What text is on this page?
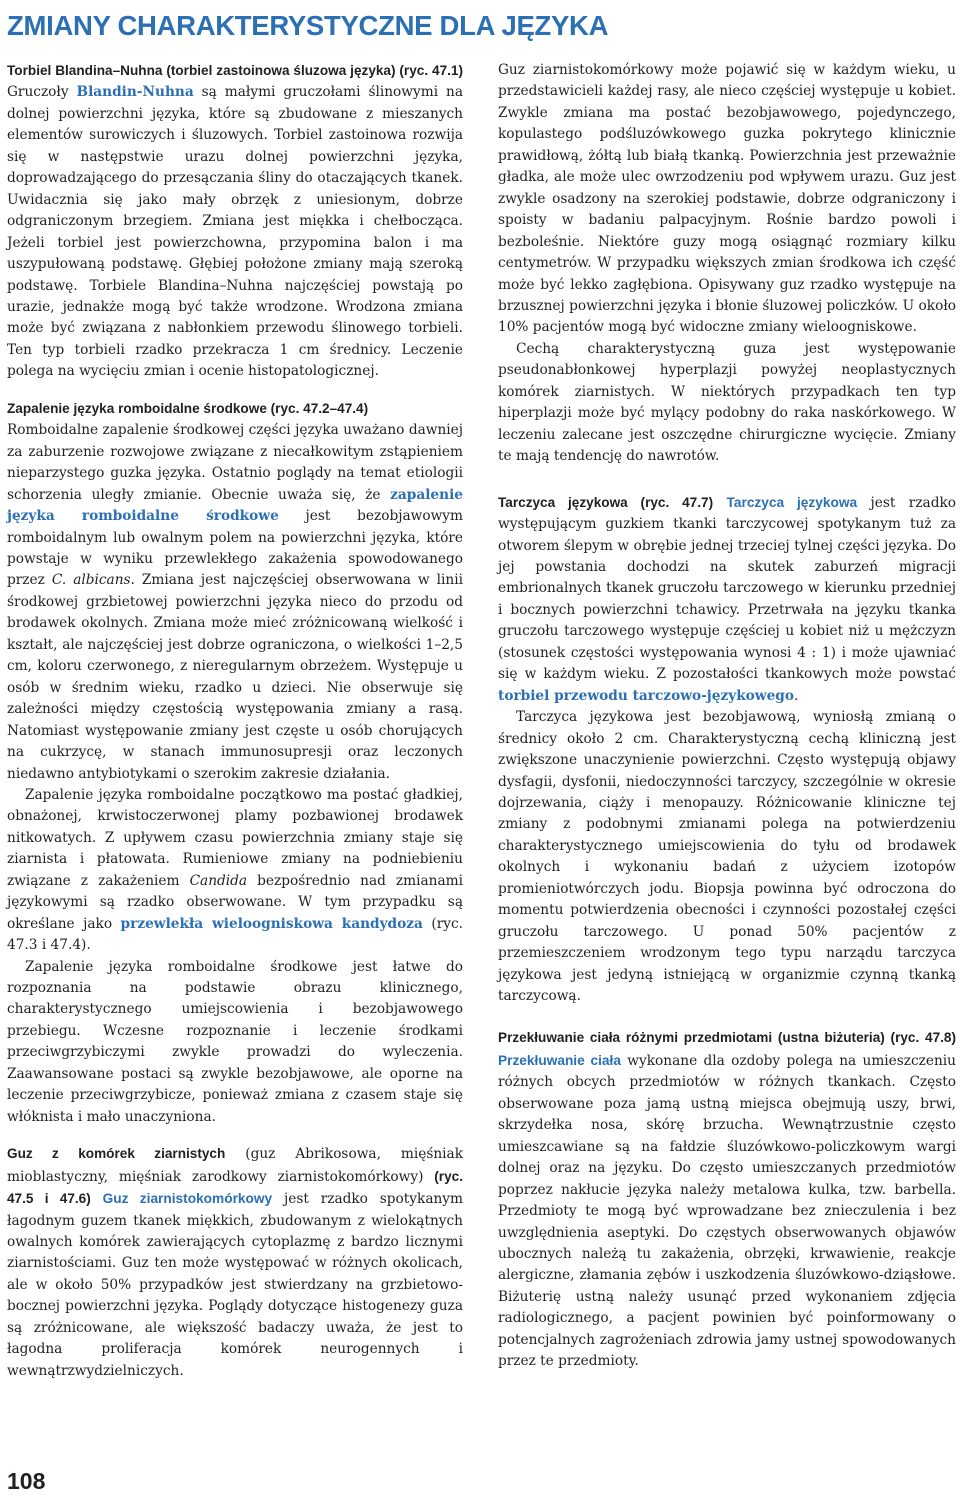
ZMIANY CHARAKTERYSTYCZNE DLA JĘZYKA

Torbiel Blandina–Nuhna (torbiel zastoinowa śluzowa języka) (ryc. 47.1) Gruczoły Blandin-Nuhna są małymi gruczołami ślinowymi na dolnej powierzchni języka, które są zbudowane z mieszanych elementów surowiczych i śluzowych. Torbiel zastoinowa rozwija się w następstwie urazu dolnej powierzchni języka, doprowadzającego do przesączania śliny do otaczających tkanek. Uwidacznia się jako mały obrzęk z uniesionym, dobrze odgraniczonym brzegiem. Zmiana jest miękka i chełbocząca. Jeżeli torbiel jest powierzchowna, przypomina balon i ma uszypułowaną podstawę. Głębiej położone zmiany mają szeroką podstawę. Torbiele Blandina–Nuhna najczęściej powstają po urazie, jednakże mogą być także wrodzone. Wrodzona zmiana może być związana z nabłonkiem przewodu ślinowego torbieli. Ten typ torbieli rzadko przekracza 1 cm średnicy. Leczenie polega na wycięciu zmian i ocenie histopatologicznej.

Zapalenie języka romboidalne środkowe (ryc. 47.2–47.4)

Romboidalne zapalenie środkowej części języka uważano dawniej za zaburzenie rozwojowe związane z niecałkowitym zstąpieniem nieparzystego guzka języka. Ostatnio poglądy na temat etiologii schorzenia uległy zmianie. Obecnie uważa się, że zapalenie języka romboidalne środkowe jest bezobjawowym romboidalnym lub owalnym polem na powierzchni języka, które powstaje w wyniku przewlekłego zakażenia spowodowanego przez C. albicans. Zmiana jest najczęściej obserwowana w linii środkowej grzbietowej powierzchni języka nieco do przodu od brodawek okolnych. Zmiana może mieć zróżnicowaną wielkość i kształt, ale najczęściej jest dobrze ograniczona, o wielkości 1–2,5 cm, koloru czerwonego, z nieregularnym obrzeżem. Występuje u osób w średnim wieku, rzadko u dzieci. Nie obserwuje się zależności między częstością występowania zmiany a rasą. Natomiast występowanie zmiany jest częste u osób chorujących na cukrzycę, w stanach immunosupresji oraz leczonych niedawno antybiotykami o szerokim zakresie działania.

Zapalenie języka romboidalne początkowo ma postać gładkiej, obnażonej, krwistoczerwonej plamy pozbawionej brodawek nitkowatych. Z upływem czasu powierzchnia zmiany staje się ziarnista i płatowata. Rumieniowe zmiany na podniebieniu związane z zakażeniem Candida bezpośrednio nad zmianami językowymi są rzadko obserwowane. W tym przypadku są określane jako przewlekła wieloogniskowa kandydoza (ryc. 47.3 i 47.4).

Zapalenie języka romboidalne środkowe jest łatwe do rozpoznania na podstawie obrazu klinicznego, charakterystycznego umiejscowienia i bezobjawowego przebiegu. Wczesne rozpoznanie i leczenie środkami przeciwgrzybiczymi zwykle prowadzi do wyleczenia. Zaawansowane postaci są zwykle bezobjawowe, ale oporne na leczenie przeciwgrzybicze, ponieważ zmiana z czasem staje się włóknista i mało unaczyniona.

Guz z komórek ziarnistych (guz Abrikosowa, mięśniak mioblastyczny, mięśniak zarodkowy ziarnistokomórkowy) (ryc. 47.5 i 47.6) Guz ziarnistokomórkowy jest rzadko spotykanym łagodnym guzem tkanek miękkich, zbudowanym z wielokątnych owalnych komórek zawierających cytoplazmę z bardzo licznymi ziarnistościami. Guz ten może występować w różnych okolicach, ale w około 50% przypadków jest stwierdzany na grzbietowo-bocznej powierzchni języka. Poglądy dotyczące histogenezy guza są zróżnicowane, ale większość badaczy uważa, że jest to łagodna proliferacja komórek neurogennych i wewnątrzwydzielniczych.

Guz ziarnistokomórkowy może pojawić się w każdym wieku, u przedstawicieli każdej rasy, ale nieco częściej występuje u kobiet. Zwykle zmiana ma postać bezobjawowego, pojedynczego, kopulastego podśluzówkowego guzka pokrytego klinicznie prawidłową, żółtą lub białą tkanką. Powierzchnia jest przeważnie gładka, ale może ulec owrzodzeniu pod wpływem urazu. Guz jest zwykle osadzony na szerokiej podstawie, dobrze odgraniczony i spoisty w badaniu palpacyjnym. Rośnie bardzo powoli i bezboleśnie. Niektóre guzy mogą osiągnąć rozmiary kilku centymetrów. W przypadku większych zmian środkowa ich część może być lekko zagłębiona. Opisywany guz rzadko występuje na brzusznej powierzchni języka i błonie śluzowej policzków. U około 10% pacjentów mogą być widoczne zmiany wieloogniskowe.

Cechą charakterystyczną guza jest występowanie pseudonabłonkowej hyperplazji powyżej neoplastycznych komórek ziarnistych. W niektórych przypadkach ten typ hiperplazji może być mylący podobny do raka naskórkowego. W leczeniu zalecane jest oszczędne chirurgiczne wycięcie. Zmiany te mają tendencję do nawrotów.

Tarczyca językowa (ryc. 47.7) Tarczyca językowa jest rzadko występującym guzkiem tkanki tarczycowej spotykanym tuż za otworem ślepym w obrębie jednej trzeciej tylnej części języka. Do jej powstania dochodzi na skutek zaburzeń migracji embrionalnych tkanek gruczołu tarczowego w kierunku przedniej i bocznych powierzchni tchawicy. Przetrwała na języku tkanka gruczołu tarczowego występuje częściej u kobiet niż u mężczyzn (stosunek częstości występowania wynosi 4 : 1) i może ujawniać się w każdym wieku. Z pozostałości tkankowych może powstać torbiel przewodu tarczowo-językowego.

Tarczyca językowa jest bezobjawową, wyniosłą zmianą o średnicy około 2 cm. Charakterystyczną cechą kliniczną jest zwiększone unaczynienie powierzchni. Często występują objawy dysfagii, dysfonii, niedoczynności tarczycy, szczególnie w okresie dojrzewania, ciąży i menopauzy. Różnicowanie kliniczne tej zmiany z podobnymi zmianami polega na potwierdzeniu charakterystycznego umiejscowienia do tyłu od brodawek okolnych i wykonaniu badań z użyciem izotopów promieniotwórczych jodu. Biopsja powinna być odroczona do momentu potwierdzenia obecności i czynności pozostałej części gruczołu tarczowego. U ponad 50% pacjentów z przemieszczeniem wrodzonym tego typu narządu tarczyca językowa jest jedyną istniejącą w organizmie czynną tkanką tarczycową.

Przekłuwanie ciała różnymi przedmiotami (ustna biżuteria) (ryc. 47.8) Przekłuwanie ciała wykonane dla ozdoby polega na umieszczeniu różnych obcych przedmiotów w różnych tkankach. Często obserwowane poza jamą ustną miejsca obejmują uszy, brwi, skrzydełka nosa, skórę brzucha. Wewnątrzustnie często umieszcawiane są na fałdzie śluzówkowo-policzkowym wargi dolnej oraz na języku. Do często umieszczanych przedmiotów poprzez nakłucie języka należy metalowa kulka, tzw. barbella. Przedmioty te mogą być wprowadzane bez znieczulenia i bez uwzględnienia aseptyki. Do częstych obserwowanych objawów ubocznych należą tu zakażenia, obrzęki, krwawienie, reakcje alergiczne, złamania zębów i uszkodzenia śluzówkowo-dziąsłowe. Biżuterię ustną należy usunąć przed wykonaniem zdjęcia radiologicznego, a pacjent powinien być poinformowany o potencjalnych zagrożeniach zdrowia jamy ustnej spowodowanych przez te przedmioty.

108
